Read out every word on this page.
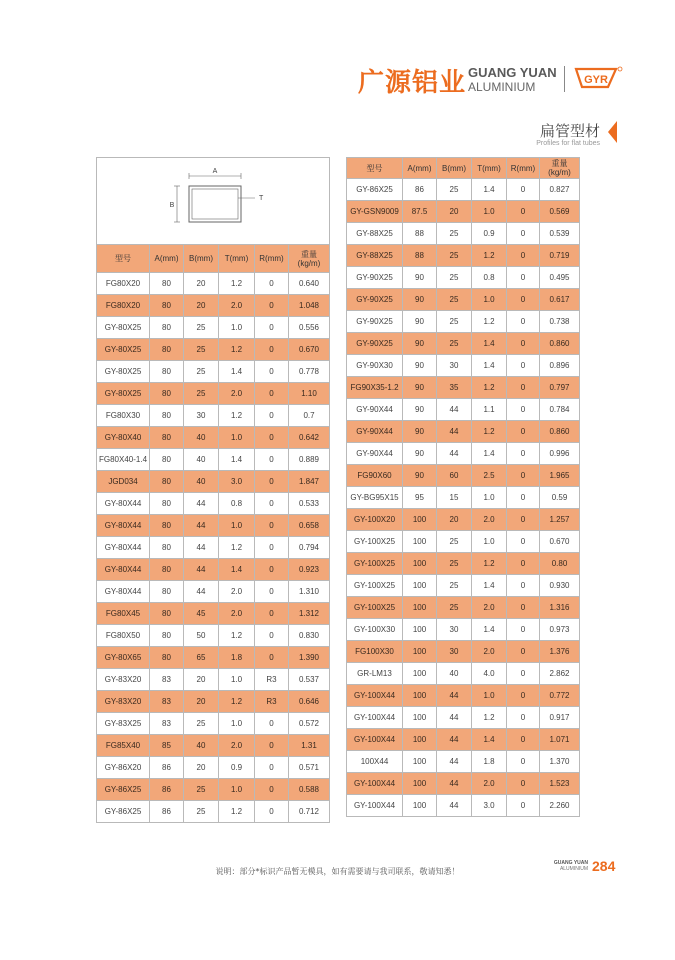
广源铝业 GUANG YUAN
ALUMINIUM	GYR
扁管型材
Profiles for flat tubes
A
B
T					

型号	A(mm)	B(mm)	T(mm)	R(mm)	重量
(kg/m)
FG80X20	80	20	1.2	0	0.640
FG80X20	80	20	2.0	0	1.048
GY-80X25	80	25	1.0	0	0.556
GY-80X25	80	25	1.2	0	0.670
GY-80X25	80	25	1.4	0	0.778
GY-80X25	80	25	2.0	0	1.10
FG80X30	80	30	1.2	0	0.7
GY-80X40	80	40	1.0	0	0.642
FG80X40-1.4	80	40	1.4	0	0.889
JGD034	80	40	3.0	0	1.847
GY-80X44	80	44	0.8	0	0.533
GY-80X44	80	44	1.0	0	0.658
GY-80X44	80	44	1.2	0	0.794
GY-80X44	80	44	1.4	0	0.923
GY-80X44	80	44	2.0	0	1.310
FG80X45	80	45	2.0	0	1.312
FG80X50	80	50	1.2	0	0.830
GY-80X65	80	65	1.8	0	1.390
GY-83X20	83	20	1.0	R3	0.537
GY-83X20	83	20	1.2	R3	0.646
GY-83X25	83	25	1.0	0	0.572
FG85X40	85	40	2.0	0	1.31
GY-86X20	86	20	0.9	0	0.571
GY-86X25	86	25	1.0	0	0.588
GY-86X25	86	25	1.2	0	0.712
型号	A(mm)	B(mm)	T(mm)	R(mm)	重量
(kg/m)
GY-86X25	86	25	1.4	0	0.827
GY-GSN9009	87.5	20	1.0	0	0.569
GY-88X25	88	25	0.9	0	0.539
GY-88X25	88	25	1.2	0	0.719
GY-90X25	90	25	0.8	0	0.495
GY-90X25	90	25	1.0	0	0.617
GY-90X25	90	25	1.2	0	0.738
GY-90X25	90	25	1.4	0	0.860
GY-90X30	90	30	1.4	0	0.896
FG90X35-1.2	90	35	1.2	0	0.797
GY-90X44	90	44	1.1	0	0.784
GY-90X44	90	44	1.2	0	0.860
GY-90X44	90	44	1.4	0	0.996
FG90X60	90	60	2.5	0	1.965
GY-BG95X15	95	15	1.0	0	0.59
GY-100X20	100	20	2.0	0	1.257
GY-100X25	100	25	1.0	0	0.670
GY-100X25	100	25	1.2	0	0.80
GY-100X25	100	25	1.4	0	0.930
GY-100X25	100	25	2.0	0	1.316
GY-100X30	100	30	1.4	0	0.973
FG100X30	100	30	2.0	0	1.376
GR-LM13	100	40	4.0	0	2.862
GY-100X44	100	44	1.0	0	0.772
GY-100X44	100	44	1.2	0	0.917
GY-100X44	100	44	1.4	0	1.071
100X44	100	44	1.8	0	1.370
GY-100X44	100	44	2.0	0	1.523
GY-100X44	100	44	3.0	0	2.260
说明：部分*标识产品暂无模具，如有需要请与我司联系，敬请知悉！
GUANG YUAN
ALUMINIUM 284
